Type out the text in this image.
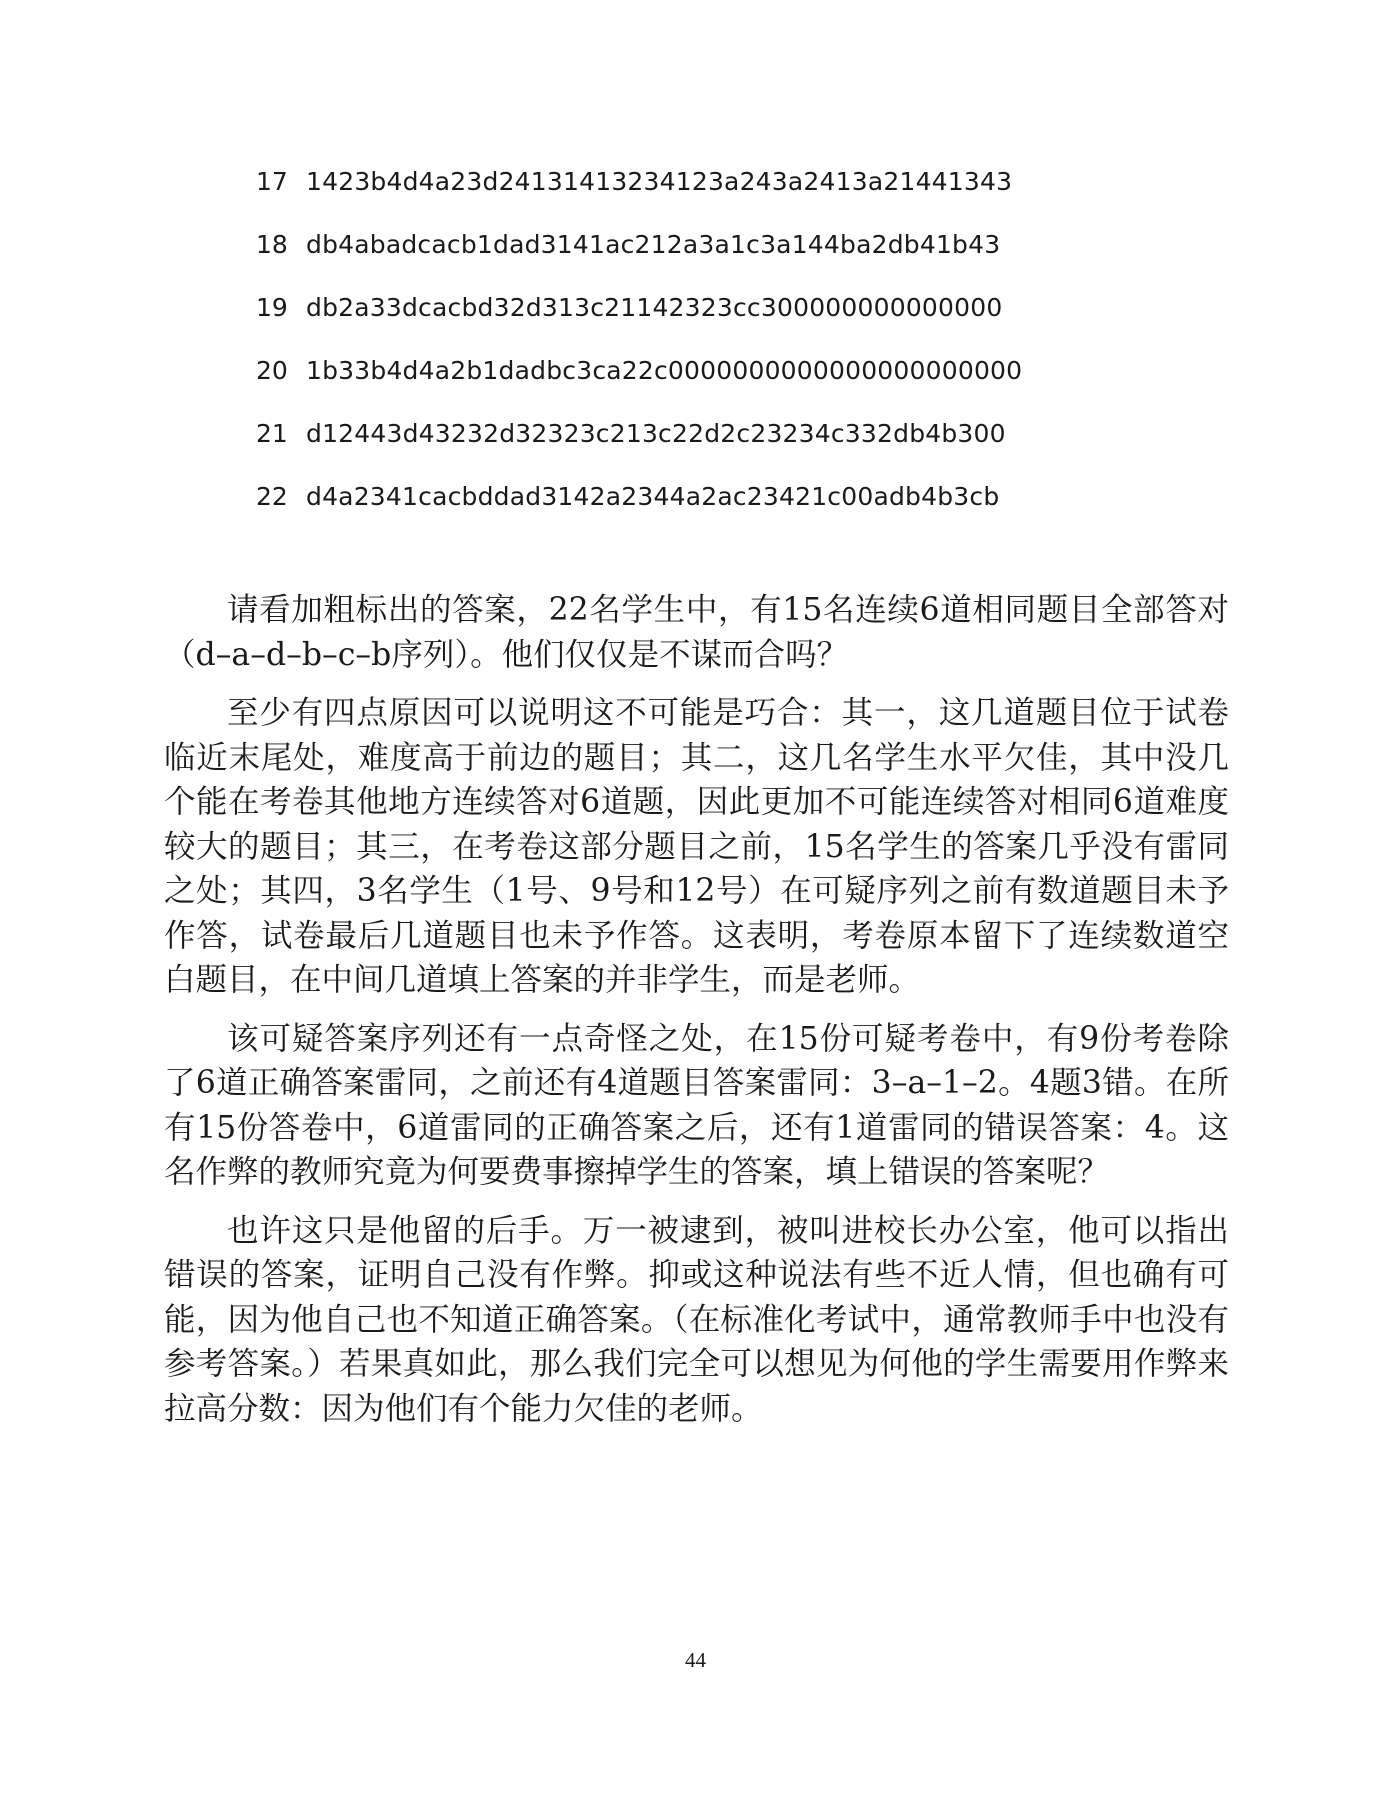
17 1423b4d4a23d24131413234123a243a2413a21441343
18 db4abadcacb1dad3141ac212a3a1c3a144ba2db41b43
19 db2a33dcacbd32d313c21142323cc300000000000000
20 1b33b4d4a2b1dadbc3ca22c0000000000000000000000
21 d12443d43232d32323c213c22d2c23234c332db4b300
22 d4a2341cacbddad3142a2344a2ac23421c00adb4b3cb

请看加粗标出的答案，22名学生中，有15名连续6道相同题目全部答对（d–a–d–b–c–b序列）。他们仅仅是不谋而合吗？

至少有四点原因可以说明这不可能是巧合：其一，这几道题目位于试卷临近末尾处，难度高于前边的题目；其二，这几名学生水平欠佳，其中没几个能在考卷其他地方连续答对6道题，因此更加不可能连续答对相同6道难度较大的题目；其三，在考卷这部分题目之前，15名学生的答案几乎没有雷同之处；其四，3名学生（1号、9号和12号）在可疑序列之前有数道题目未予作答，试卷最后几道题目也未予作答。这表明，考卷原本留下了连续数道空白题目，在中间几道填上答案的并非学生，而是老师。

该可疑答案序列还有一点奇怪之处，在15份可疑考卷中，有9份考卷除了6道正确答案雷同，之前还有4道题目答案雷同：3–a–1–2。4题3错。在所有15份答卷中，6道雷同的正确答案之后，还有1道雷同的错误答案：4。这名作弊的教师究竟为何要费事擦掉学生的答案，填上错误的答案呢？

也许这只是他留的后手。万一被逮到，被叫进校长办公室，他可以指出错误的答案，证明自己没有作弊。抑或这种说法有些不近人情，但也确有可能，因为他自己也不知道正确答案。（在标准化考试中，通常教师手中也没有参考答案。）若果真如此，那么我们完全可以想见为何他的学生需要用作弊来拉高分数：因为他们有个能力欠佳的老师。

44
